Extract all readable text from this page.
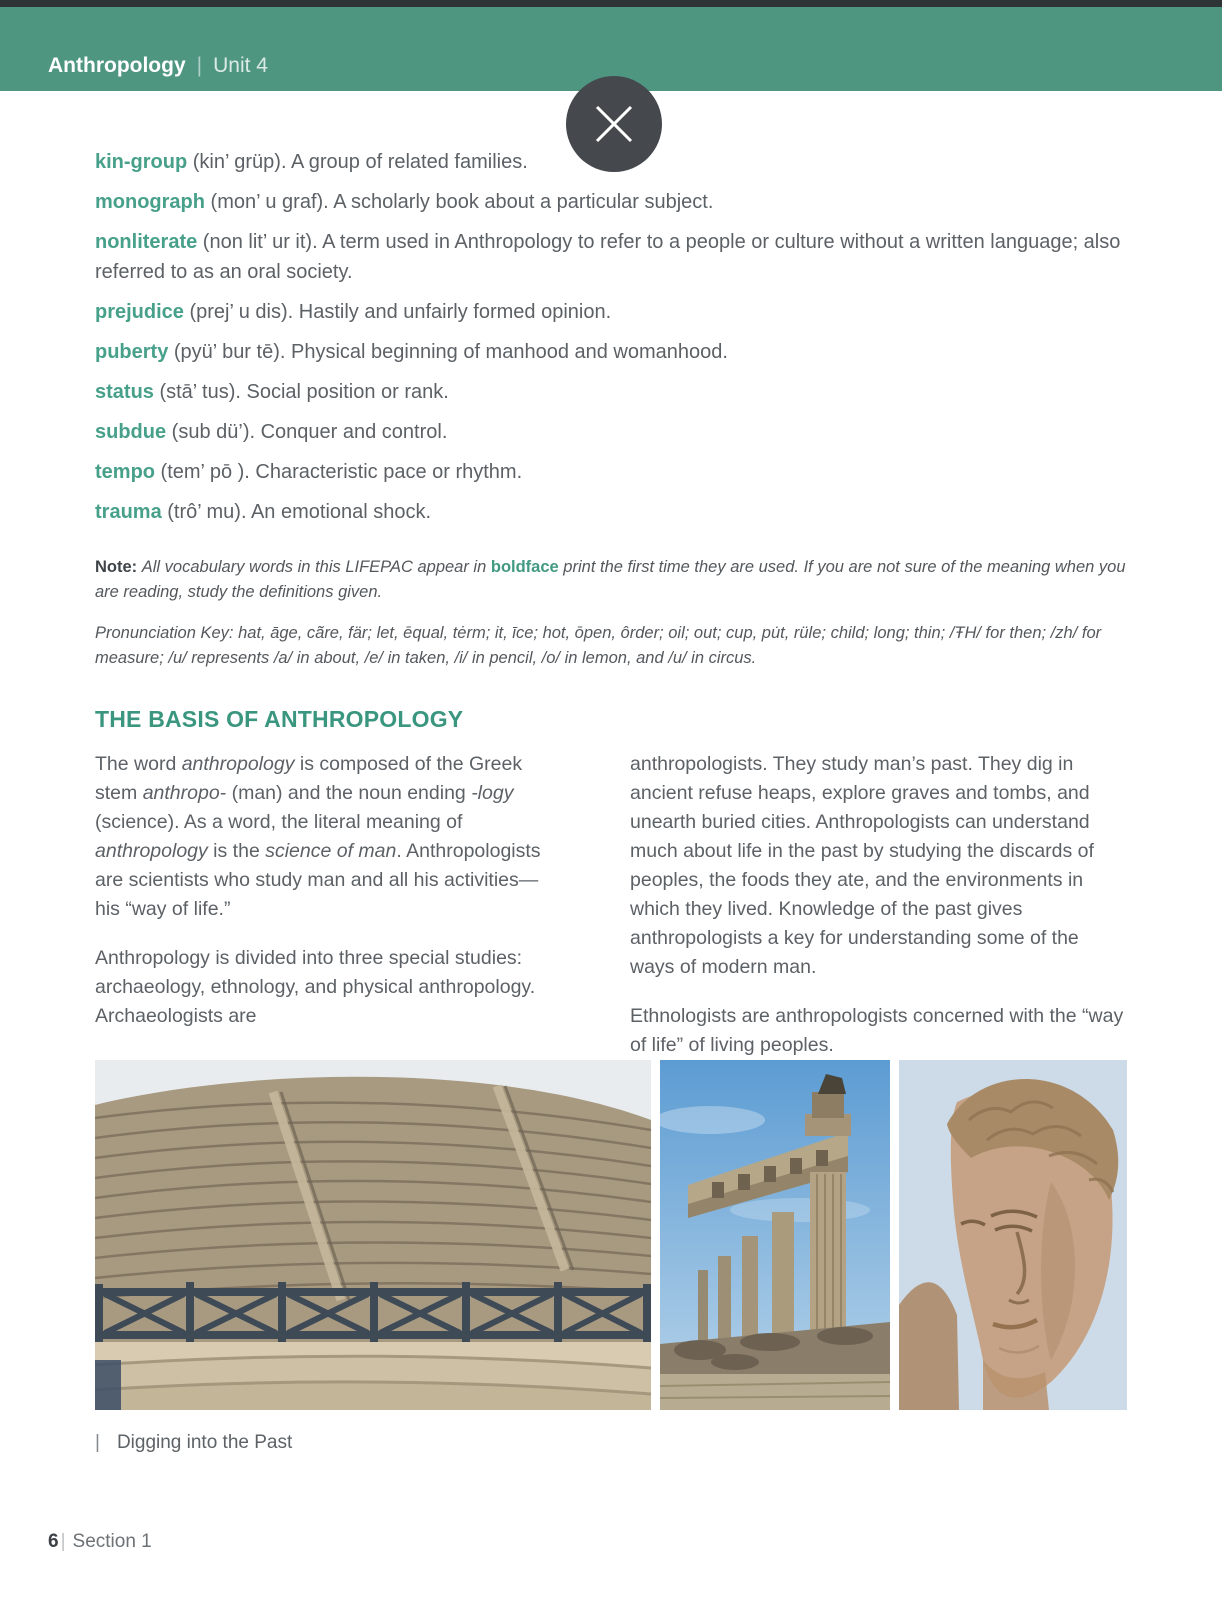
Anthropology | Unit 4

kin-group (kin’ grüp). A group of related families.

monograph (mon’ u graf). A scholarly book about a particular subject.

nonliterate (non lit’ ur it). A term used in Anthropology to refer to a people or culture without a written language; also referred to as an oral society.

prejudice (prej’ u dis). Hastily and unfairly formed opinion.

puberty (pyü’ bur tē). Physical beginning of manhood and womanhood.

status (stā’ tus). Social position or rank.

subdue (sub dü’). Conquer and control.

tempo (tem’ pō ). Characteristic pace or rhythm.

trauma (trô’ mu). An emotional shock.

Note: All vocabulary words in this LIFEPAC appear in boldface print the first time they are used. If you are not sure of the meaning when you are reading, study the definitions given.
Pronunciation Key: hat, āge, cãre, fär; let, ēqual, tėrm; it, īce; hot, ōpen, ôrder; oil; out; cup, pu̇t, rüle; child; long; thin; /ŦH/ for then; /zh/ for measure; /u/ represents /a/ in about, /e/ in taken, /i/ in pencil, /o/ in lemon, and /u/ in circus.
THE BASIS OF ANTHROPOLOGY

The word anthropology is composed of the Greek stem anthropo- (man) and the noun ending -logy (science). As a word, the literal meaning of anthropology is the science of man. Anthropologists are scientists who study man and all his activities—his “way of life.”

Anthropology is divided into three special studies: archaeology, ethnology, and physical anthropology. Archaeologists are

anthropologists. They study man’s past. They dig in ancient refuse heaps, explore graves and tombs, and unearth buried cities. Anthropologists can understand much about life in the past by studying the discards of peoples, the foods they ate, and the environments in which they lived. Knowledge of the past gives anthropologists a key for understanding some of the ways of modern man.

Ethnologists are anthropologists concerned with the “way of life” of living peoples.

| Digging into the Past
6 | Section 1
